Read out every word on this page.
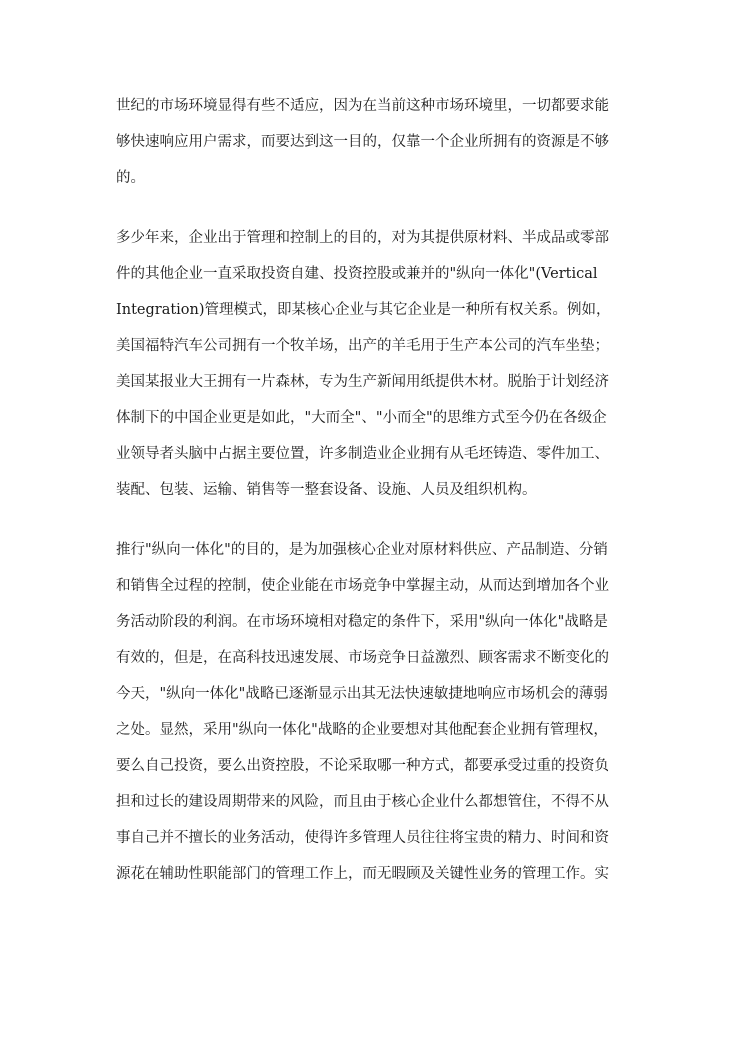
世纪的市场环境显得有些不适应，因为在当前这种市场环境里，一切都要求能
够快速响应用户需求，而要达到这一目的，仅靠一个企业所拥有的资源是不够
的。

多少年来，企业出于管理和控制上的目的，对为其提供原材料、半成品或零部
件的其他企业一直采取投资自建、投资控股或兼并的"纵向一体化"(Vertical
Integration)管理模式，即某核心企业与其它企业是一种所有权关系。例如，
美国福特汽车公司拥有一个牧羊场，出产的羊毛用于生产本公司的汽车坐垫；
美国某报业大王拥有一片森林，专为生产新闻用纸提供木材。脱胎于计划经济
体制下的中国企业更是如此，"大而全"、"小而全"的思维方式至今仍在各级企
业领导者头脑中占据主要位置，许多制造业企业拥有从毛坯铸造、零件加工、
装配、包装、运输、销售等一整套设备、设施、人员及组织机构。

推行"纵向一体化"的目的，是为加强核心企业对原材料供应、产品制造、分销
和销售全过程的控制，使企业能在市场竞争中掌握主动，从而达到增加各个业
务活动阶段的利润。在市场环境相对稳定的条件下，采用"纵向一体化"战略是
有效的，但是，在高科技迅速发展、市场竞争日益激烈、顾客需求不断变化的
今天，"纵向一体化"战略已逐渐显示出其无法快速敏捷地响应市场机会的薄弱
之处。显然，采用"纵向一体化"战略的企业要想对其他配套企业拥有管理权，
要么自己投资，要么出资控股，不论采取哪一种方式，都要承受过重的投资负
担和过长的建设周期带来的风险，而且由于核心企业什么都想管住，不得不从
事自己并不擅长的业务活动，使得许多管理人员往往将宝贵的精力、时间和资
源花在辅助性职能部门的管理工作上，而无暇顾及关键性业务的管理工作。实
